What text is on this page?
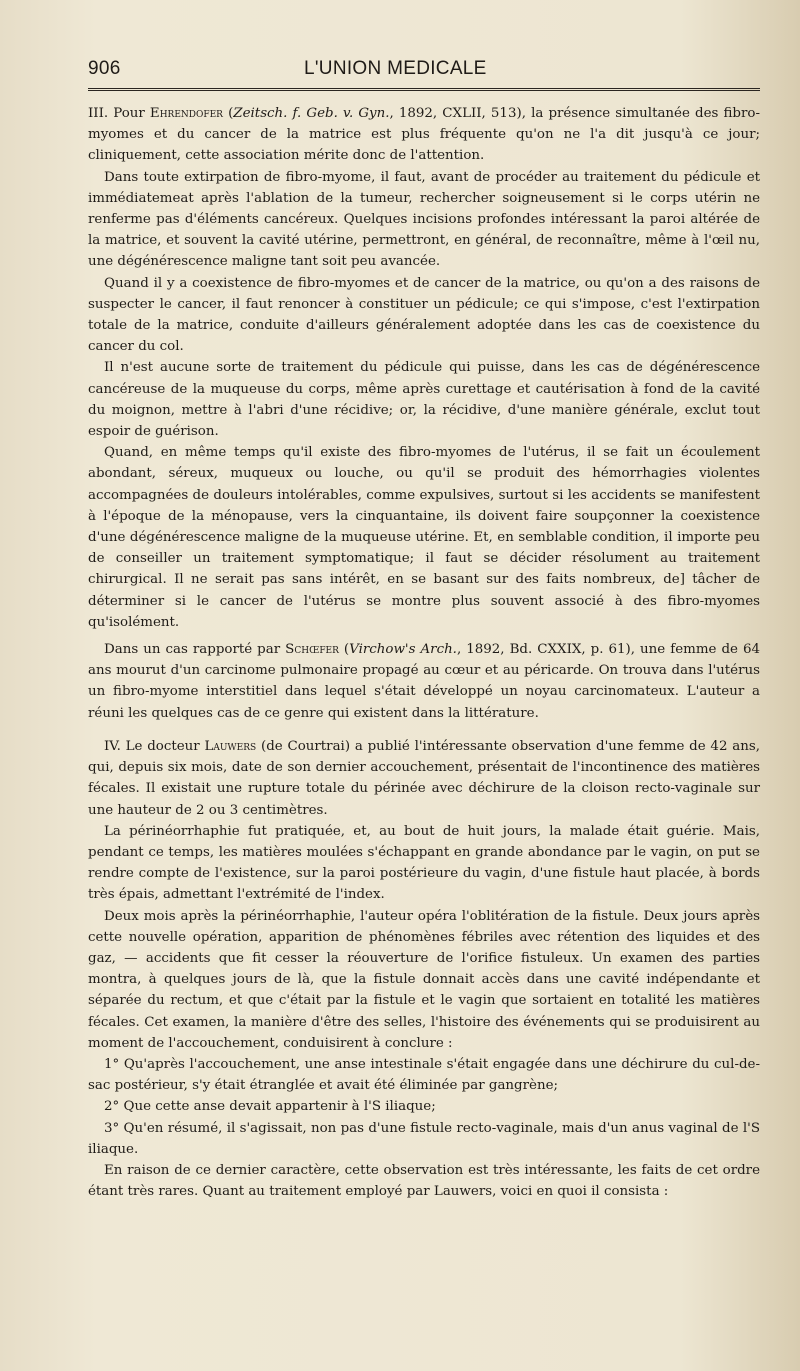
906	L'UNION MEDICALE

III. Pour Ehrendofer (Zeitsch. f. Geb. v. Gyn., 1892, CXLII, 513), la présence simultanée des fibro-myomes et du cancer de la matrice est plus fréquente qu'on ne l'a dit jusqu'à ce jour; cliniquement, cette association mérite donc de l'attention.

Dans toute extirpation de fibro-myome, il faut, avant de procéder au traitement du pédicule et immédiatemeat après l'ablation de la tumeur, rechercher soigneusement si le corps utérin ne renferme pas d'éléments cancéreux. Quelques incisions profondes intéressant la paroi altérée de la matrice, et souvent la cavité utérine, permettront, en général, de reconnaître, même à l'œil nu, une dégénérescence maligne tant soit peu avancée.

Quand il y a coexistence de fibro-myomes et de cancer de la matrice, ou qu'on a des raisons de suspecter le cancer, il faut renoncer à constituer un pédicule; ce qui s'impose, c'est l'extirpation totale de la matrice, conduite d'ailleurs généralement adoptée dans les cas de coexistence du cancer du col.

Il n'est aucune sorte de traitement du pédicule qui puisse, dans les cas de dégénérescence cancéreuse de la muqueuse du corps, même après curettage et cautérisation à fond de la cavité du moignon, mettre à l'abri d'une récidive; or, la récidive, d'une manière générale, exclut tout espoir de guérison.

Quand, en même temps qu'il existe des fibro-myomes de l'utérus, il se fait un écoulement abondant, séreux, muqueux ou louche, ou qu'il se produit des hémorrhagies violentes accompagnées de douleurs intolérables, comme expulsives, surtout si les accidents se manifestent à l'époque de la ménopause, vers la cinquantaine, ils doivent faire soupçonner la coexistence d'une dégénérescence maligne de la muqueuse utérine. Et, en semblable condition, il importe peu de conseiller un traitement symptomatique; il faut se décider résolument au traitement chirurgical. Il ne serait pas sans intérêt, en se basant sur des faits nombreux, de] tâcher de déterminer si le cancer de l'utérus se montre plus souvent associé à des fibro-myomes qu'isolément.

Dans un cas rapporté par Schœfer (Virchow's Arch., 1892, Bd. CXXIX, p. 61), une femme de 64 ans mourut d'un carcinome pulmonaire propagé au cœur et au péricarde. On trouva dans l'utérus un fibro-myome interstitiel dans lequel s'était développé un noyau carcinomateux. L'auteur a réuni les quelques cas de ce genre qui existent dans la littérature.

IV. Le docteur Lauwers (de Courtrai) a publié l'intéressante observation d'une femme de 42 ans, qui, depuis six mois, date de son dernier accouchement, présentait de l'incontinence des matières fécales. Il existait une rupture totale du périnée avec déchirure de la cloison recto-vaginale sur une hauteur de 2 ou 3 centimètres.

La périnéorrhaphie fut pratiquée, et, au bout de huit jours, la malade était guérie. Mais, pendant ce temps, les matières moulées s'échappant en grande abondance par le vagin, on put se rendre compte de l'existence, sur la paroi postérieure du vagin, d'une fistule haut placée, à bords très épais, admettant l'extrémité de l'index.

Deux mois après la périnéorrhaphie, l'auteur opéra l'oblitération de la fistule. Deux jours après cette nouvelle opération, apparition de phénomènes fébriles avec rétention des liquides et des gaz, — accidents que fit cesser la réouverture de l'orifice fistuleux. Un examen des parties montra, à quelques jours de là, que la fistule donnait accès dans une cavité indépendante et séparée du rectum, et que c'était par la fistule et le vagin que sortaient en totalité les matières fécales. Cet examen, la manière d'être des selles, l'histoire des événements qui se produisirent au moment de l'accouchement, conduisirent à conclure :

1° Qu'après l'accouchement, une anse intestinale s'était engagée dans une déchirure du cul-de-sac postérieur, s'y était étranglée et avait été éliminée par gangrène;

2° Que cette anse devait appartenir à l'S iliaque;

3° Qu'en résumé, il s'agissait, non pas d'une fistule recto-vaginale, mais d'un anus vaginal de l'S iliaque.

En raison de ce dernier caractère, cette observation est très intéressante, les faits de cet ordre étant très rares. Quant au traitement employé par Lauwers, voici en quoi il consista :
